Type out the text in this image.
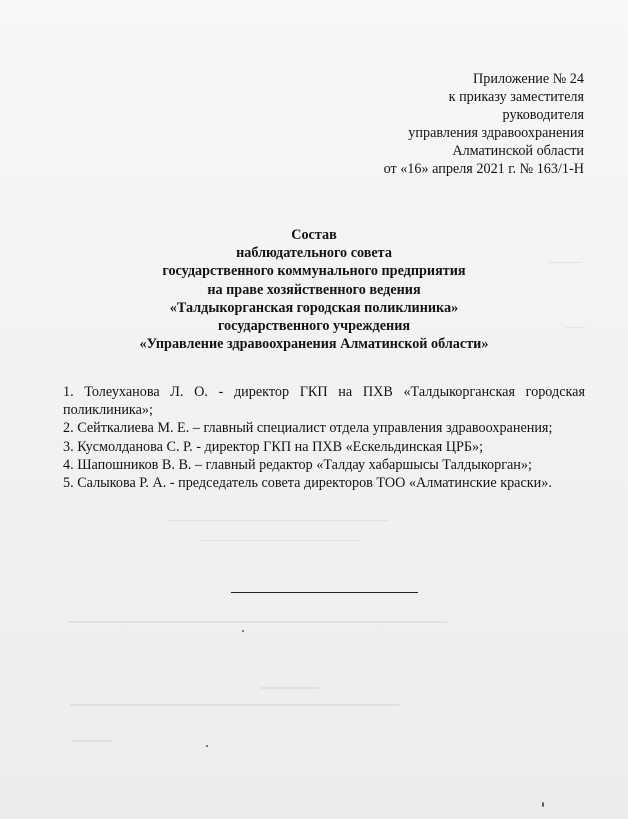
Приложение № 24
к приказу заместителя
руководителя
управления здравоохранения
Алматинской области
от «16» апреля 2021 г. № 163/1-Н
Состав
наблюдательного совета
государственного коммунального предприятия
на праве хозяйственного ведения
«Талдыкорганская городская поликлиника»
государственного учреждения
«Управление здравоохранения Алматинской области»
1. Толеуханова Л. О. - директор ГКП на ПХВ «Талдыкорганская городская поликлиника»;
2. Сейткалиева М. Е. – главный специалист отдела управления здравоохранения;
3. Кусмолданова С. Р. - директор ГКП на ПХВ «Ескельдинская ЦРБ»;
4. Шапошников В. В. – главный редактор «Талдау хабаршысы Талдыкорган»;
5. Салыкова Р. А. - председатель совета директоров ТОО «Алматинские краски».
